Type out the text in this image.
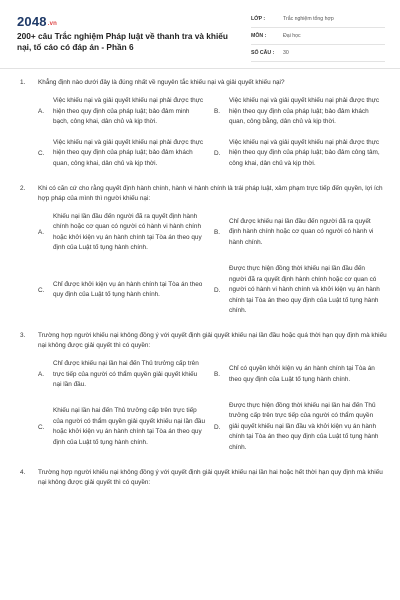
2048.vn
200+ câu Trắc nghiệm Pháp luật về thanh tra và khiếu nại, tố cáo có đáp án - Phần 6
LỚP :	Trắc nghiệm tổng hợp
MÔN :	Đại học
SỐ CÂU :	30
1. Khẳng định nào dưới đây là đúng nhất về nguyên tắc khiếu nại và giải quyết khiếu nại?
A.
Việc khiếu nại và giải quyết khiếu nại phải được thực hiện theo quy định của pháp luật; bảo đảm minh bạch, công khai, dân chủ và kịp thời.
B.
Việc khiếu nại và giải quyết khiếu nại phải được thực hiện theo quy định của pháp luật; bảo đảm khách quan, công bằng, dân chủ và kịp thời.
C.
Việc khiếu nại và giải quyết khiếu nại phải được thực hiện theo quy định của pháp luật; bảo đảm khách quan, công khai, dân chủ và kịp thời.
D.
Việc khiếu nại và giải quyết khiếu nại phải được thực hiện theo quy định của pháp luật; bảo đảm công tâm, công khai, dân chủ và kịp thời.
2. Khi có căn cứ cho rằng quyết định hành chính, hành vi hành chính là trái pháp luật, xâm phạm trực tiếp đến quyền, lợi ích hợp pháp của mình thì người khiếu nại:
A.
Khiếu nại lần đầu đến người đã ra quyết định hành chính hoặc cơ quan có người có hành vi hành chính hoặc khởi kiện vụ án hành chính tại Tòa án theo quy định của Luật tố tụng hành chính.
B.
Chỉ được khiếu nại lần đầu đến người đã ra quyết định hành chính hoặc cơ quan có người có hành vi hành chính.
C.
Chỉ được khởi kiện vụ án hành chính tại Tòa án theo quy định của Luật tố tụng hành chính.
D.
Được thực hiện đồng thời khiếu nại lần đầu đến người đã ra quyết định hành chính hoặc cơ quan có người có hành vi hành chính và khởi kiện vụ án hành chính tại Tòa án theo quy định của Luật tố tụng hành chính.
3. Trường hợp người khiếu nại không đồng ý với quyết định giải quyết khiếu nại lần đầu hoặc quá thời hạn quy định mà khiếu nại không được giải quyết thì có quyền:
A.
Chỉ được khiếu nại lần hai đến Thủ trưởng cấp trên trực tiếp của người có thẩm quyền giải quyết khiếu nại lần đầu.
B.
Chỉ có quyền khởi kiện vụ án hành chính tại Tòa án theo quy định của Luật tố tụng hành chính.
C.
Khiếu nại lần hai đến Thủ trưởng cấp trên trực tiếp của người có thẩm quyền giải quyết khiếu nại lần đầu hoặc khởi kiện vụ án hành chính tại Tòa án theo quy định của Luật tố tụng hành chính.
D.
Được thực hiện đồng thời khiếu nại lần hai đến Thủ trưởng cấp trên trực tiếp của người có thẩm quyền giải quyết khiếu nại lần đầu và khởi kiện vụ án hành chính tại Tòa án theo quy định của Luật tố tụng hành chính.
4. Trường hợp người khiếu nại không đồng ý với quyết định giải quyết khiếu nại lần hai hoặc hết thời hạn quy định mà khiếu nại không được giải quyết thì có quyền:
